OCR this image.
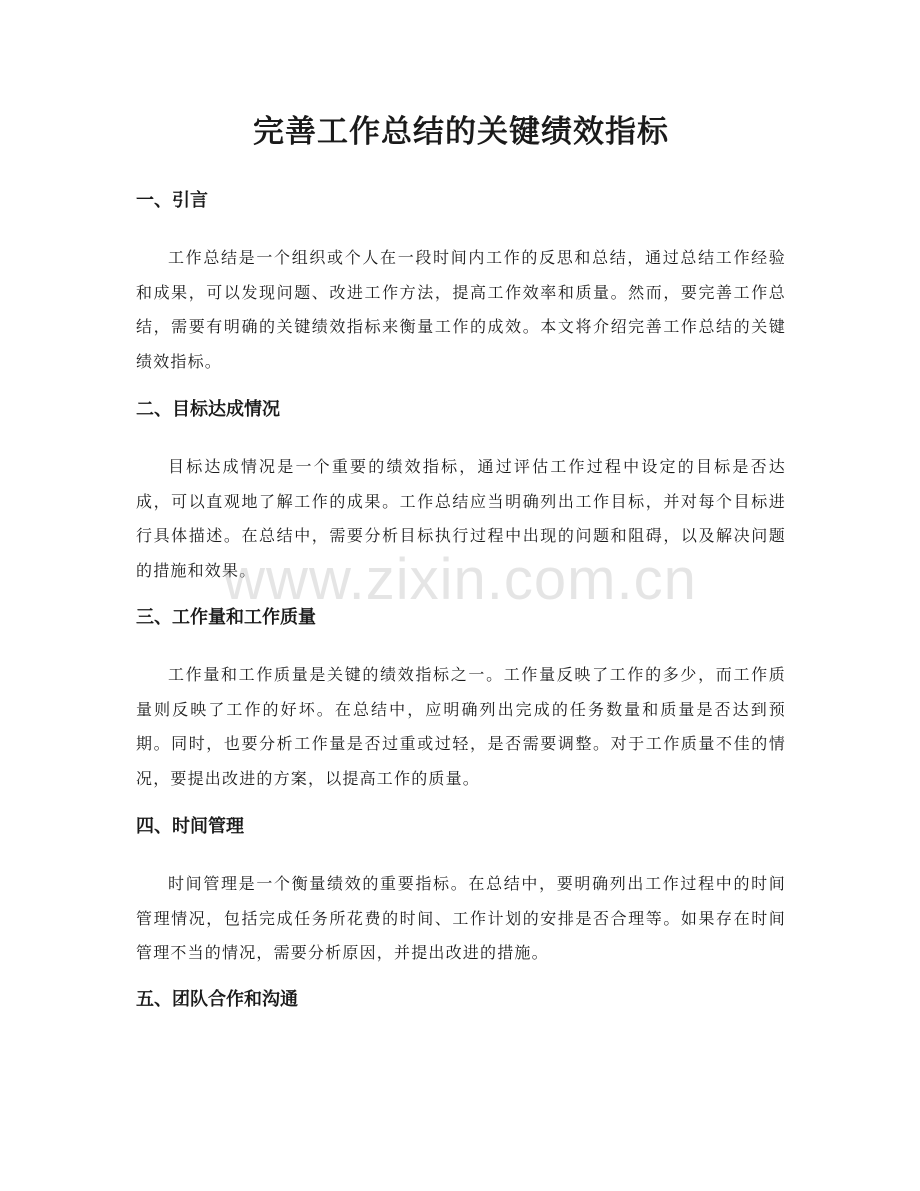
完善工作总结的关键绩效指标
一、引言

工作总结是一个组织或个人在一段时间内工作的反思和总结，通过总结工作经验和成果，可以发现问题、改进工作方法，提高工作效率和质量。然而，要完善工作总结，需要有明确的关键绩效指标来衡量工作的成效。本文将介绍完善工作总结的关键绩效指标。

二、目标达成情况

目标达成情况是一个重要的绩效指标，通过评估工作过程中设定的目标是否达成，可以直观地了解工作的成果。工作总结应当明确列出工作目标，并对每个目标进行具体描述。在总结中，需要分析目标执行过程中出现的问题和阻碍，以及解决问题的措施和效果。

三、工作量和工作质量

工作量和工作质量是关键的绩效指标之一。工作量反映了工作的多少，而工作质量则反映了工作的好坏。在总结中，应明确列出完成的任务数量和质量是否达到预期。同时，也要分析工作量是否过重或过轻，是否需要调整。对于工作质量不佳的情况，要提出改进的方案，以提高工作的质量。

四、时间管理

时间管理是一个衡量绩效的重要指标。在总结中，要明确列出工作过程中的时间管理情况，包括完成任务所花费的时间、工作计划的安排是否合理等。如果存在时间管理不当的情况，需要分析原因，并提出改进的措施。

五、团队合作和沟通
www.zixin.com.cn
